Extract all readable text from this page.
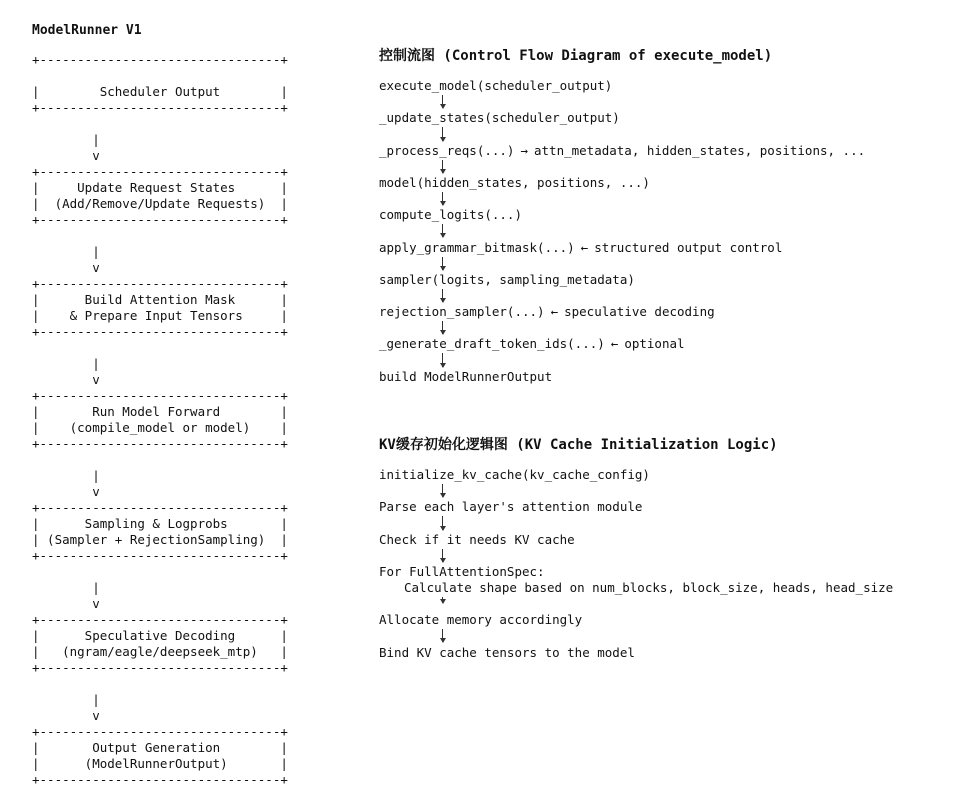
ModelRunner V1
+--------------------------------+

|        Scheduler Output        |
+--------------------------------+

|
v
+--------------------------------+
|     Update Request States      |
|  (Add/Remove/Update Requests)  |
+--------------------------------+

|
v
+--------------------------------+
|      Build Attention Mask      |
|    & Prepare Input Tensors     |
+--------------------------------+

|
v
+--------------------------------+
|       Run Model Forward        |
|    (compile_model or model)    |
+--------------------------------+

|
v
+--------------------------------+
|      Sampling & Logprobs       |
| (Sampler + RejectionSampling)  |
+--------------------------------+

|
v
+--------------------------------+
|      Speculative Decoding      |
|   (ngram/eagle/deepseek_mtp)   |
+--------------------------------+

|
v
+--------------------------------+
|       Output Generation        |
|      (ModelRunnerOutput)       |
+--------------------------------+

控制流图 (Control Flow Diagram of execute_model)
execute_model(scheduler_output)
_update_states(scheduler_output)
_process_reqs(...) → attn_metadata, hidden_states, positions, ...
model(hidden_states, positions, ...)
compute_logits(...)
apply_grammar_bitmask(...) ← structured output control
sampler(logits, sampling_metadata)
rejection_sampler(...) ← speculative decoding
_generate_draft_token_ids(...) ← optional
build ModelRunnerOutput
KV缓存初始化逻辑图 (KV Cache Initialization Logic)
initialize_kv_cache(kv_cache_config)
Parse each layer's attention module
Check if it needs KV cache
For FullAttentionSpec:
Calculate shape based on num_blocks, block_size, heads, head_size
Allocate memory accordingly
Bind KV cache tensors to the model
